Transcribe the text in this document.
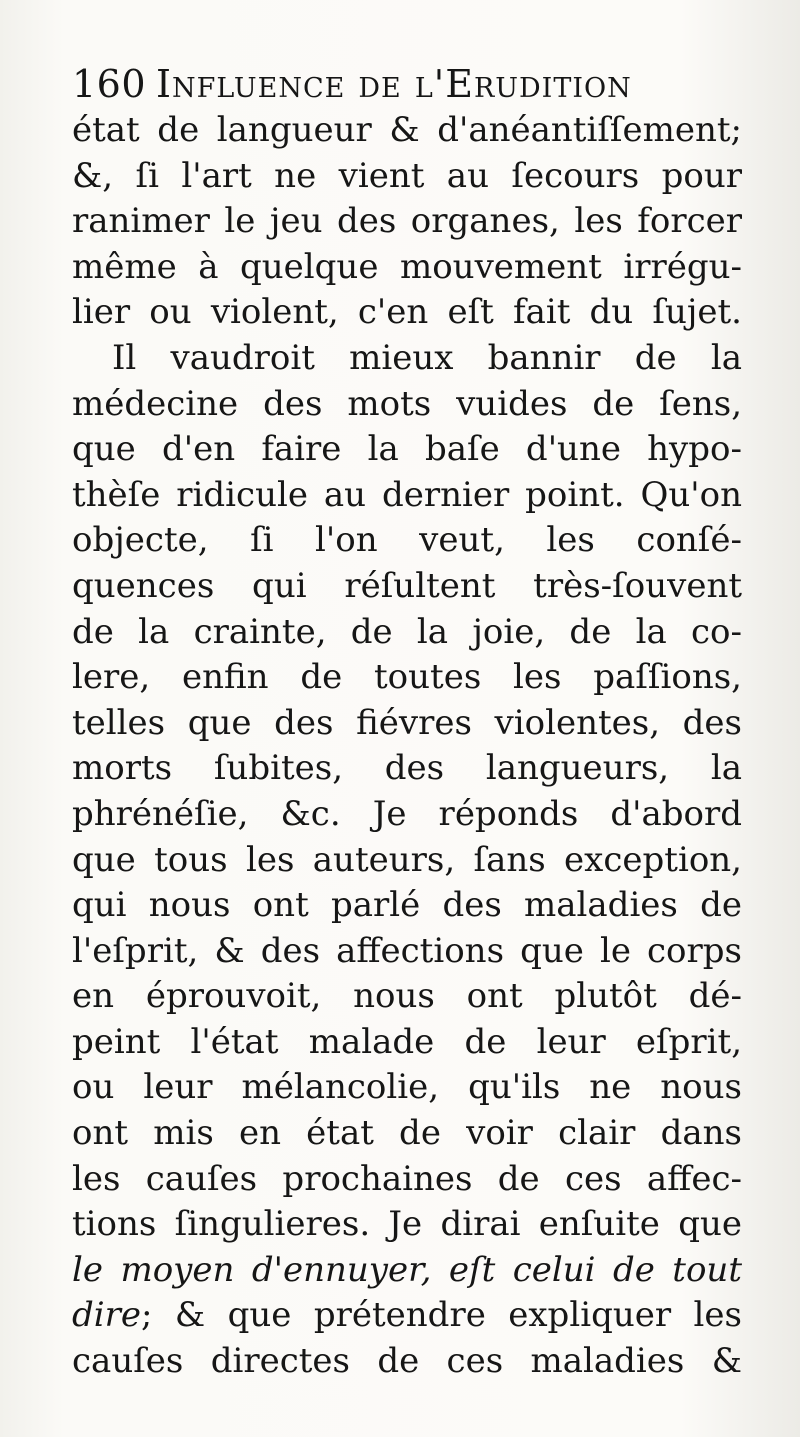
160 Influence de l'Erudition
état de langueur & d'anéantiſſement;
&, ſi l'art ne vient au ſecours pour
ranimer le jeu des organes, les forcer
même à quelque mouvement irrégu-
lier ou violent, c'en eſt fait du ſujet.
Il vaudroit mieux bannir de la
médecine des mots vuides de ſens,
que d'en faire la baſe d'une hypo-
thèſe ridicule au dernier point. Qu'on
objecte, ſi l'on veut, les conſé-
quences qui réſultent très-ſouvent
de la crainte, de la joie, de la co-
lere, enfin de toutes les paſſions,
telles que des fiévres violentes, des
morts ſubites, des langueurs, la
phrénéſie, &c. Je réponds d'abord
que tous les auteurs, ſans exception,
qui nous ont parlé des maladies de
l'eſprit, & des affections que le corps
en éprouvoit, nous ont plutôt dé-
peint l'état malade de leur eſprit,
ou leur mélancolie, qu'ils ne nous
ont mis en état de voir clair dans
les cauſes prochaines de ces affec-
tions ſingulieres. Je dirai enſuite que
le moyen d'ennuyer, eſt celui de tout
dire; & que prétendre expliquer les
cauſes directes de ces maladies &
